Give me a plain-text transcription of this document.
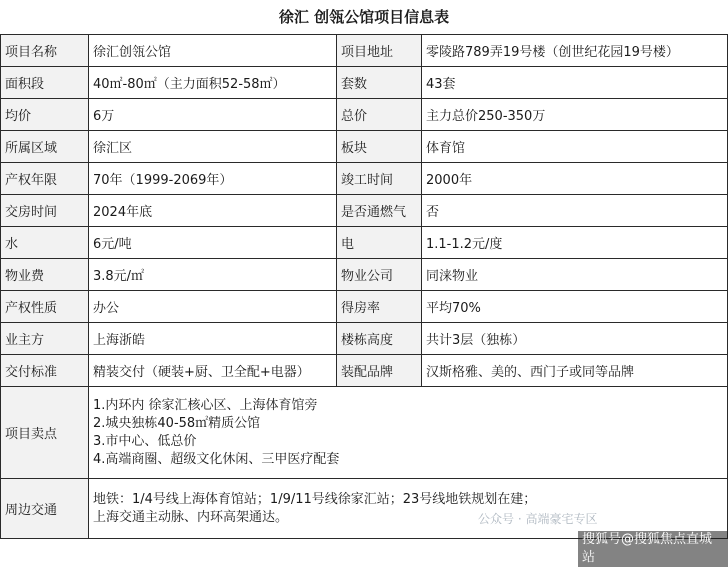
徐汇 创瓴公馆项目信息表
项目名称	徐汇创瓴公馆	项目地址	零陵路789弄19号楼（创世纪花园19号楼）
面积段	40㎡-80㎡（主力面积52-58㎡）	套数	43套
均价	6万	总价	主力总价250-350万
所属区域	徐汇区	板块	体育馆
产权年限	70年（1999-2069年）	竣工时间	2000年
交房时间	2024年底	是否通燃气	否
水	6元/吨	电	1.1-1.2元/度
物业费	3.8元/㎡	物业公司	同涞物业
产权性质	办公	得房率	平均70%
业主方	上海浙皓	楼栋高度	共计3层（独栋）
交付标准	精装交付（硬装+厨、卫全配+电器）	装配品牌	汉斯格雅、美的、西门子或同等品牌
项目卖点	1.内环内 徐家汇核心区、上海体育馆旁
2.城央独栋40-58㎡精质公馆
3.市中心、低总价
4.高端商圈、超级文化休闲、三甲医疗配套		

周边交通	地铁：1/4号线上海体育馆站；1/9/11号线徐家汇站；23号线地铁规划在建；
上海交通主动脉、内环高架通达。			公众号 · 高端豪宅专区
搜狐号@搜狐焦点直城站
